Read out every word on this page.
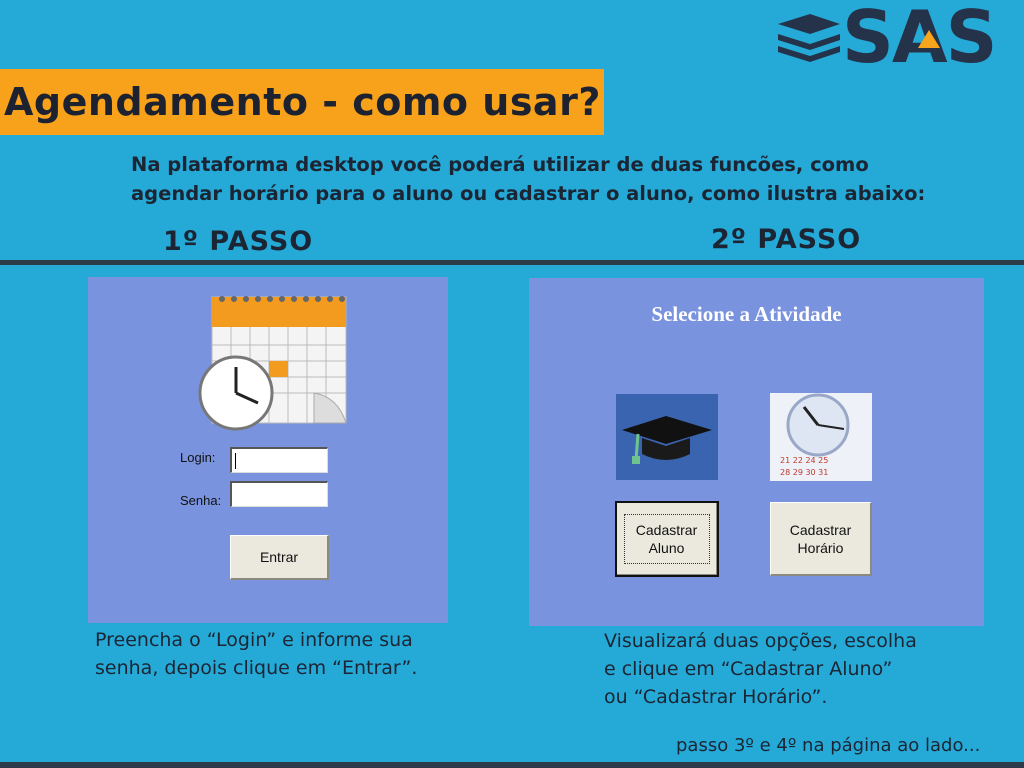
SAS
Agendamento - como usar?
Na plataforma desktop você poderá utilizar de duas funcões, como
agendar horário para o aluno ou cadastrar o aluno, como ilustra abaixo:
1º PASSO	2º PASSO
Login:
Senha:
Entrar
Selecione a Atividade
21 22 24 25
28 29 30 31
Cadastrar
Aluno
Cadastrar
Horário
Preencha o “Login” e informe sua
senha, depois clique em “Entrar”.
Visualizará duas opções, escolha
e clique em “Cadastrar Aluno”
ou “Cadastrar Horário”.
passo 3º e 4º na página ao lado...
